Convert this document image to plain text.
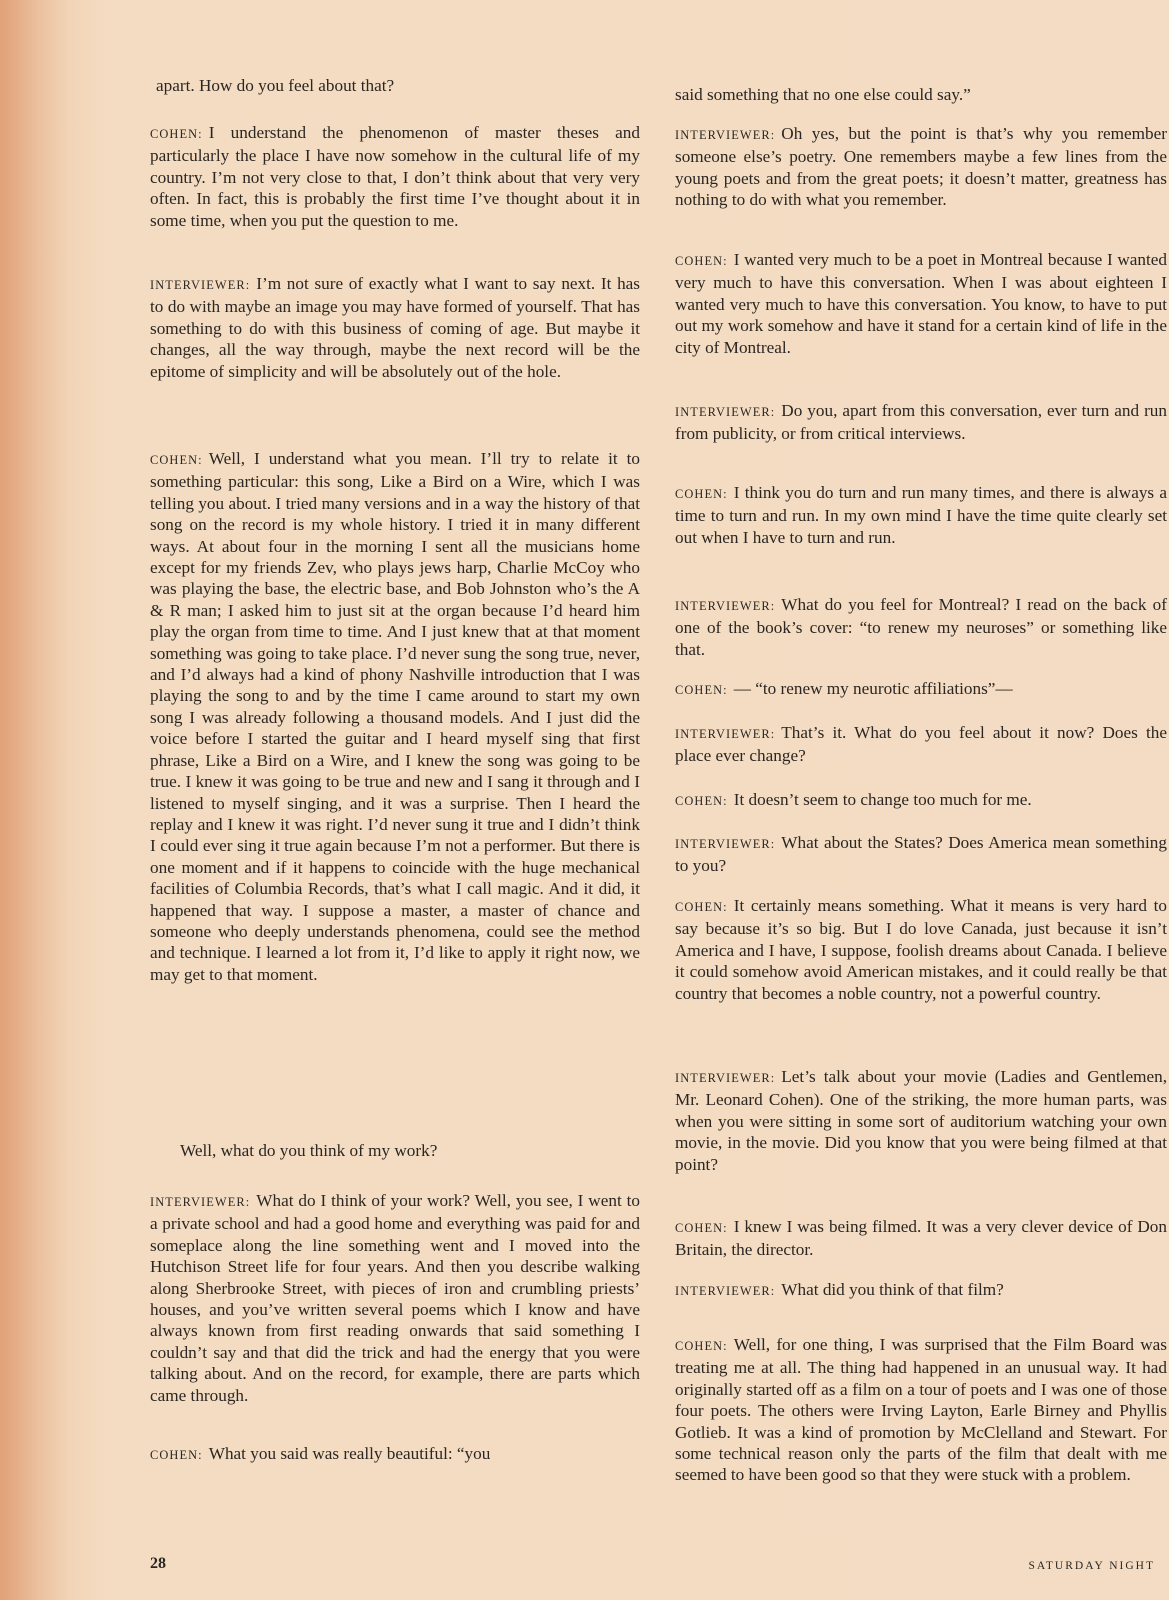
apart. How do you feel about that?

COHEN: I understand the phenomenon of master theses and particularly the place I have now somehow in the cultural life of my country. I’m not very close to that, I don’t think about that very very often. In fact, this is probably the first time I’ve thought about it in some time, when you put the question to me.

INTERVIEWER: I’m not sure of exactly what I want to say next. It has to do with maybe an image you may have formed of yourself. That has something to do with this business of coming of age. But maybe it changes, all the way through, maybe the next record will be the epitome of simplicity and will be absolutely out of the hole.

COHEN: Well, I understand what you mean. I’ll try to relate it to something particular: this song, Like a Bird on a Wire, which I was telling you about. I tried many versions and in a way the history of that song on the record is my whole history. I tried it in many different ways. At about four in the morning I sent all the musicians home except for my friends Zev, who plays jews harp, Charlie McCoy who was playing the base, the electric base, and Bob Johnston who’s the A & R man; I asked him to just sit at the organ because I’d heard him play the organ from time to time. And I just knew that at that moment something was going to take place. I’d never sung the song true, never, and I’d always had a kind of phony Nashville introduction that I was playing the song to and by the time I came around to start my own song I was already following a thousand models. And I just did the voice before I started the guitar and I heard myself sing that first phrase, Like a Bird on a Wire, and I knew the song was going to be true. I knew it was going to be true and new and I sang it through and I listened to myself singing, and it was a surprise. Then I heard the replay and I knew it was right. I’d never sung it true and I didn’t think I could ever sing it true again because I’m not a performer. But there is one moment and if it happens to coincide with the huge mechanical facilities of Columbia Records, that’s what I call magic. And it did, it happened that way. I suppose a master, a master of chance and someone who deeply understands phenomena, could see the method and technique. I learned a lot from it, I’d like to apply it right now, we may get to that moment.

Well, what do you think of my work?

INTERVIEWER: What do I think of your work? Well, you see, I went to a private school and had a good home and everything was paid for and someplace along the line something went and I moved into the Hutchison Street life for four years. And then you describe walking along Sherbrooke Street, with pieces of iron and crumbling priests’ houses, and you’ve written several poems which I know and have always known from first reading onwards that said something I couldn’t say and that did the trick and had the energy that you were talking about. And on the record, for example, there are parts which came through.

COHEN: What you said was really beautiful: “you

said something that no one else could say.”

INTERVIEWER: Oh yes, but the point is that’s why you remember someone else’s poetry. One remembers maybe a few lines from the young poets and from the great poets; it doesn’t matter, greatness has nothing to do with what you remember.

COHEN: I wanted very much to be a poet in Montreal because I wanted very much to have this conversation. When I was about eighteen I wanted very much to have this conversation. You know, to have to put out my work somehow and have it stand for a certain kind of life in the city of Montreal.

INTERVIEWER: Do you, apart from this conversation, ever turn and run from publicity, or from critical interviews.

COHEN: I think you do turn and run many times, and there is always a time to turn and run. In my own mind I have the time quite clearly set out when I have to turn and run.

INTERVIEWER: What do you feel for Montreal? I read on the back of one of the book’s cover: “to renew my neuroses” or something like that.

COHEN: — “to renew my neurotic affiliations”—

INTERVIEWER: That’s it. What do you feel about it now? Does the place ever change?

COHEN: It doesn’t seem to change too much for me.

INTERVIEWER: What about the States? Does America mean something to you?

COHEN: It certainly means something. What it means is very hard to say because it’s so big. But I do love Canada, just because it isn’t America and I have, I suppose, foolish dreams about Canada. I believe it could somehow avoid American mistakes, and it could really be that country that becomes a noble country, not a powerful country.

INTERVIEWER: Let’s talk about your movie (Ladies and Gentlemen, Mr. Leonard Cohen). One of the striking, the more human parts, was when you were sitting in some sort of auditorium watching your own movie, in the movie. Did you know that you were being filmed at that point?

COHEN: I knew I was being filmed. It was a very clever device of Don Britain, the director.

INTERVIEWER: What did you think of that film?

COHEN: Well, for one thing, I was surprised that the Film Board was treating me at all. The thing had happened in an unusual way. It had originally started off as a film on a tour of poets and I was one of those four poets. The others were Irving Layton, Earle Birney and Phyllis Gotlieb. It was a kind of promotion by McClelland and Stewart. For some technical reason only the parts of the film that dealt with me seemed to have been good so that they were stuck with a problem.

28	SATURDAY NIGHT
